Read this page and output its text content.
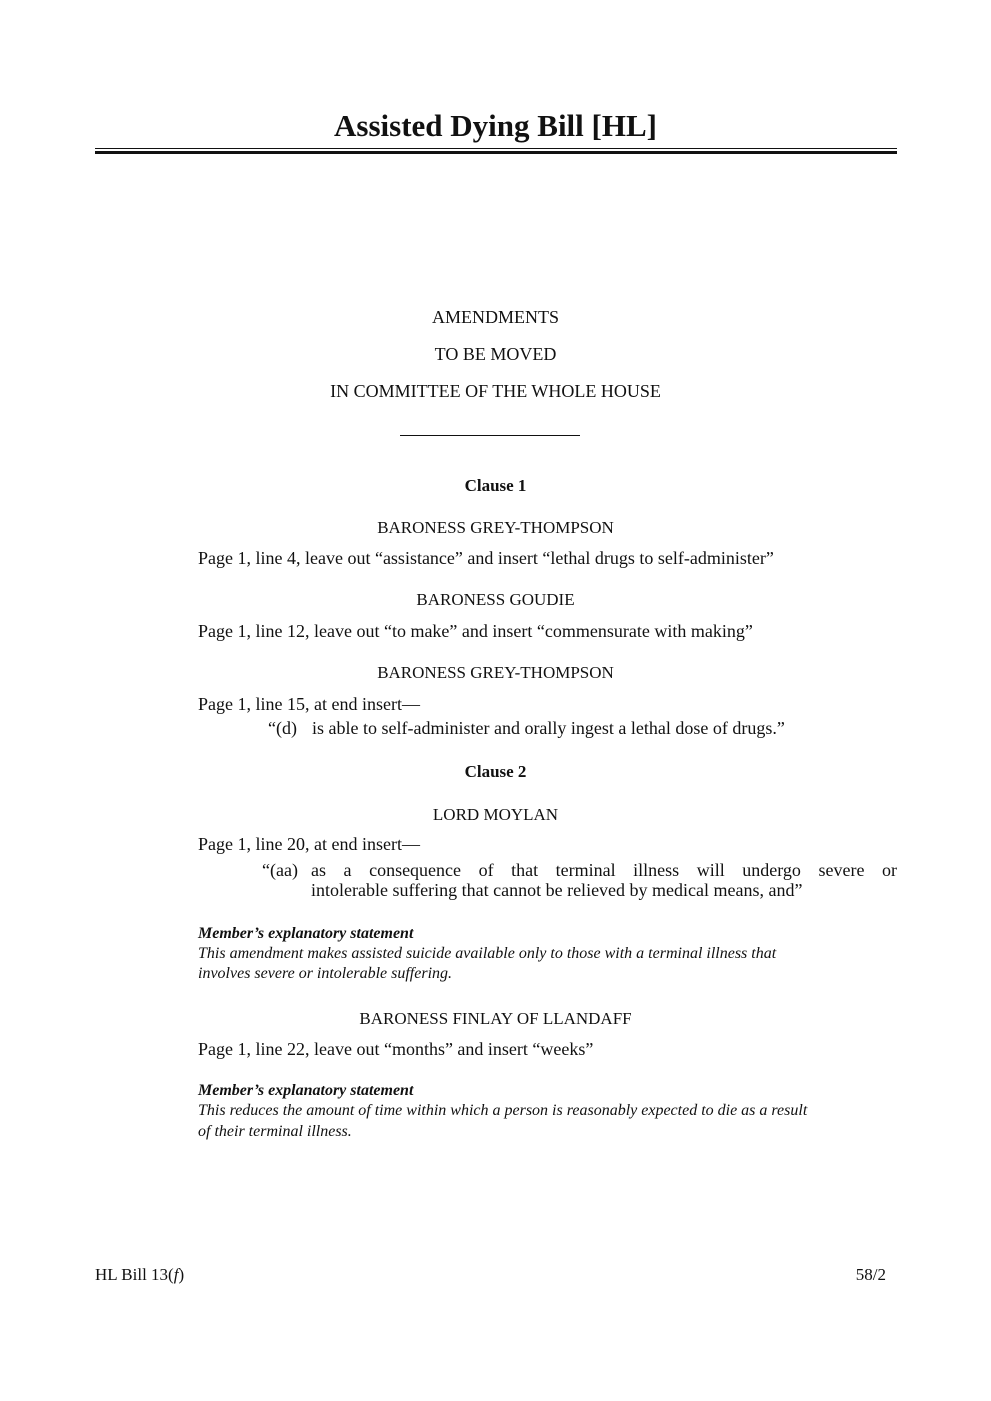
Assisted Dying Bill [HL]
AMENDMENTS
TO BE MOVED
IN COMMITTEE OF THE WHOLE HOUSE
Clause 1
BARONESS GREY-THOMPSON
Page 1, line 4, leave out “assistance” and insert “lethal drugs to self-administer”
BARONESS GOUDIE
Page 1, line 12, leave out “to make” and insert “commensurate with making”
BARONESS GREY-THOMPSON
Page 1, line 15, at end insert—
“(d) is able to self-administer and orally ingest a lethal dose of drugs.”
Clause 2
LORD MOYLAN
Page 1, line 20, at end insert—
“(aa) as a consequence of that terminal illness will undergo severe or
intolerable suffering that cannot be relieved by medical means, and”
Member’s explanatory statement
This amendment makes assisted suicide available only to those with a terminal illness that
involves severe or intolerable suffering.
BARONESS FINLAY OF LLANDAFF
Page 1, line 22, leave out “months” and insert “weeks”
Member’s explanatory statement
This reduces the amount of time within which a person is reasonably expected to die as a result
of their terminal illness.
HL Bill 13(f)	58/2
